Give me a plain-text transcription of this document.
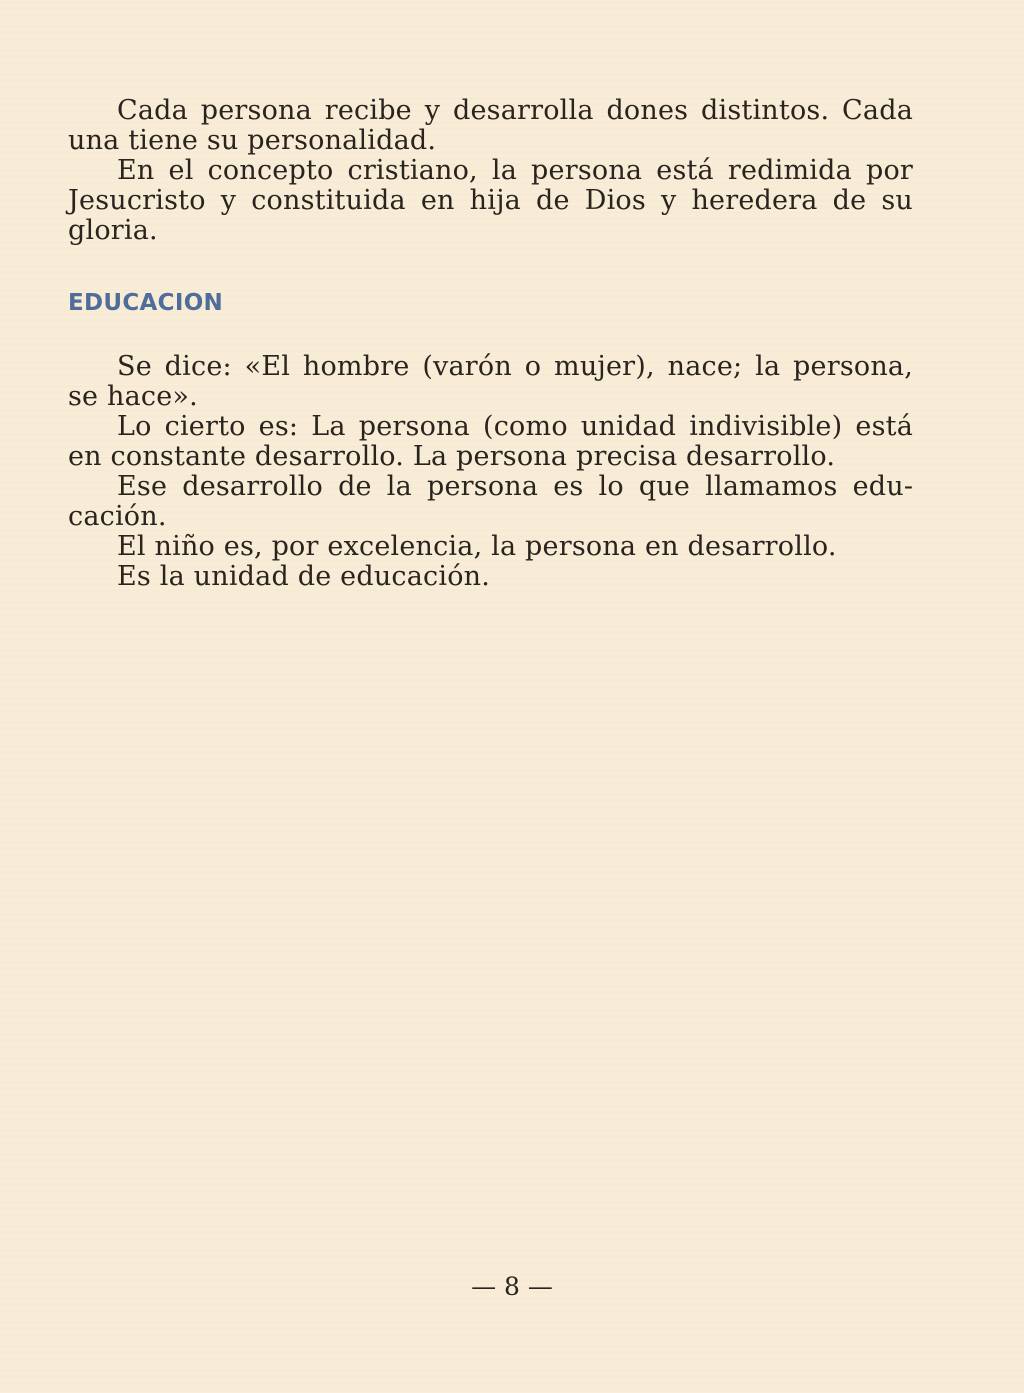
Cada persona recibe y desarrolla dones distintos. Cada una tiene su personalidad.

En el concepto cristiano, la persona está redimida por Jesucristo y constituida en hija de Dios y heredera de su gloria.

EDUCACION

Se dice: «El hombre (varón o mujer), nace; la persona, se hace».

Lo cierto es: La persona (como unidad indivisible) está en constante desarrollo. La persona precisa desarrollo.

Ese desarrollo de la persona es lo que llamamos educación.

El niño es, por excelencia, la persona en desarrollo.

Es la unidad de educación.

— 8 —
